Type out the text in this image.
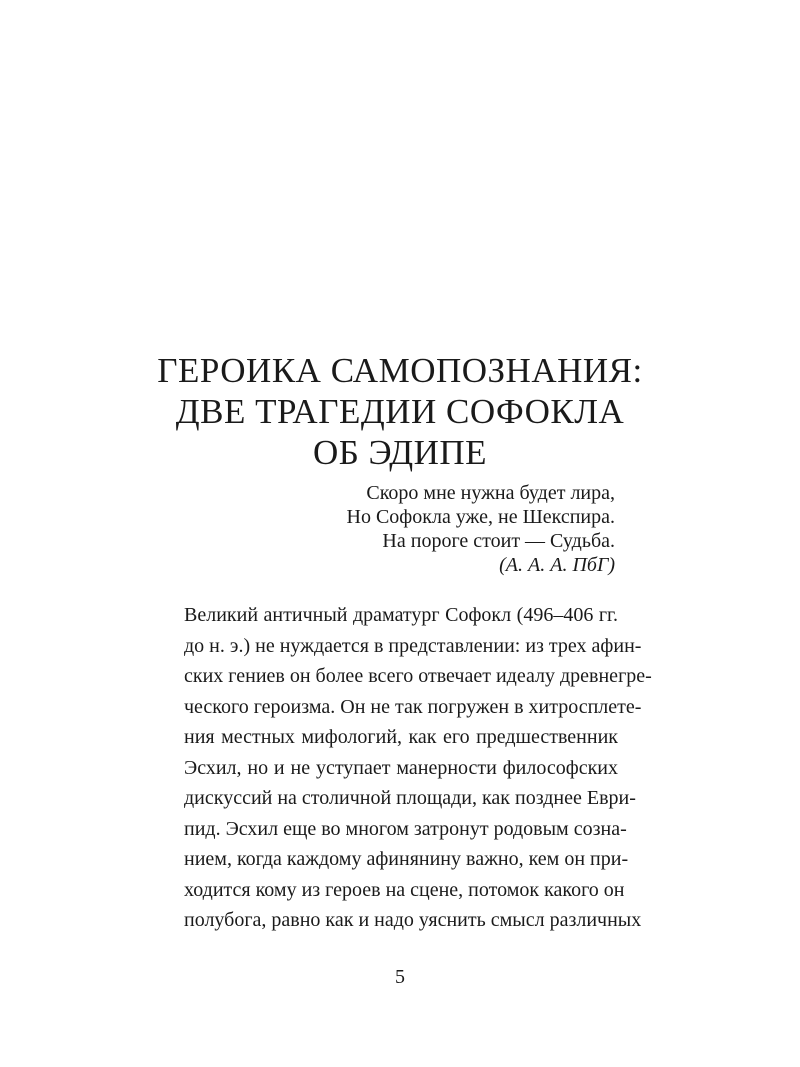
ГЕРОИКА САМОПОЗНАНИЯ:
ДВЕ ТРАГЕДИИ СОФОКЛА
ОБ ЭДИПЕ
Скоро мне нужна будет лира,
Но Софокла уже, не Шекспира.
На пороге стоит — Судьба.
(А. А. А. ПбГ)
Великий античный драматург Софокл (496–406 гг.
до н. э.) не нуждается в представлении: из трех афин-
ских гениев он более всего отвечает идеалу древнегре-
ческого героизма. Он не так погружен в хитросплете-
ния местных мифологий, как его предшественник
Эсхил, но и не уступает манерности философских
дискуссий на столичной площади, как позднее Еври-
пид. Эсхил еще во многом затронут родовым созна-
нием, когда каждому афинянину важно, кем он при-
ходится кому из героев на сцене, потомок какого он
полубога, равно как и надо уяснить смысл различных
5
